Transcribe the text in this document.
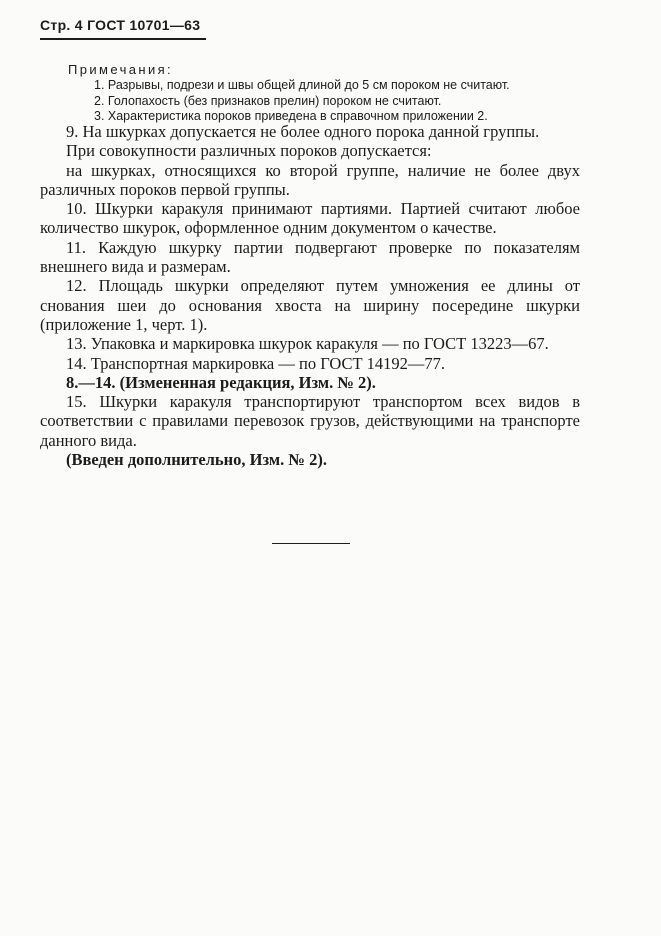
Стр. 4 ГОСТ 10701—63
Примечания:
1. Разрывы, подрези и швы общей длиной до 5 см пороком не считают.
2. Голопахость (без признаков прелин) пороком не считают.
3. Характеристика пороков приведена в справочном приложении 2.

9. На шкурках допускается не более одного порока данной группы.

При совокупности различных пороков допускается:

на шкурках, относящихся ко второй группе, наличие не более двух различных пороков первой группы.

10. Шкурки каракуля принимают партиями. Партией считают любое количество шкурок, оформленное одним документом о качестве.

11. Каждую шкурку партии подвергают проверке по показателям внешнего вида и размерам.

12. Площадь шкурки определяют путем умножения ее длины от снования шеи до основания хвоста на ширину посередине шкурки (приложение 1, черт. 1).

13. Упаковка и маркировка шкурок каракуля — по ГОСТ 13223—67.

14. Транспортная маркировка — по ГОСТ 14192—77.

8.—14. (Измененная редакция, Изм. № 2).

15. Шкурки каракуля транспортируют транспортом всех видов в соответствии с правилами перевозок грузов, действующими на транспорте данного вида.

(Введен дополнительно, Изм. № 2).
